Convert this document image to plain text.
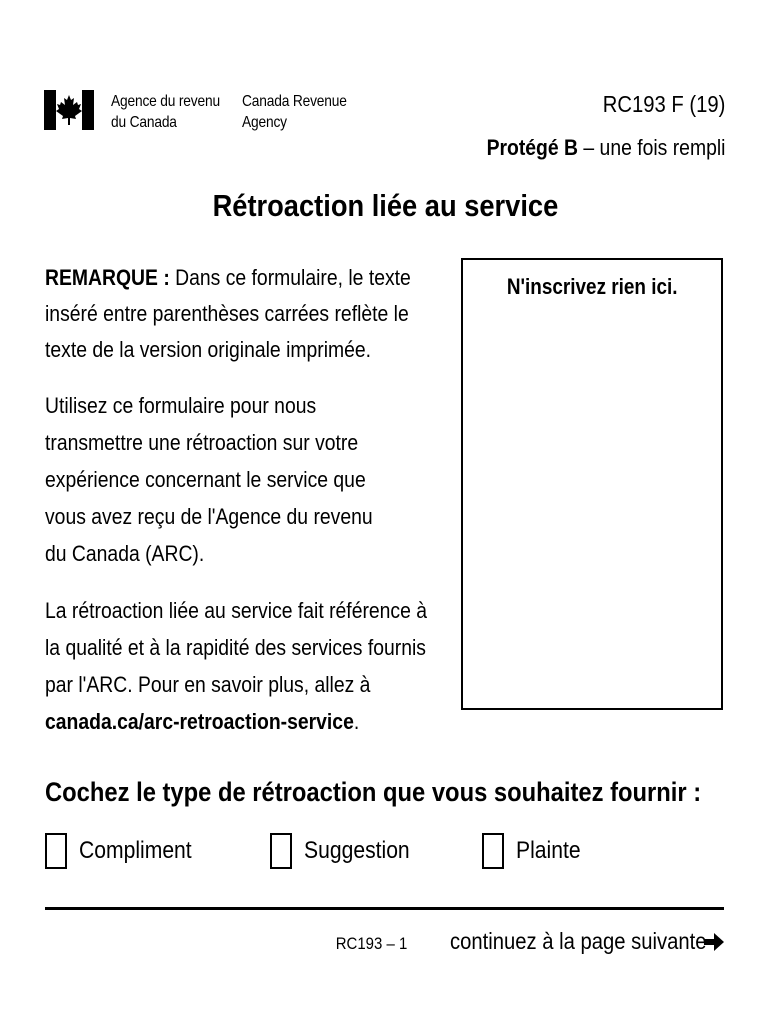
Agence du revenu
du Canada
Canada Revenue
Agency
RC193 F (19)
Protégé B – une fois rempli
Rétroaction liée au service
REMARQUE : Dans ce formulaire, le texte
inséré entre parenthèses carrées reflète le
texte de la version originale imprimée.
Utilisez ce formulaire pour nous
transmettre une rétroaction sur votre
expérience concernant le service que
vous avez reçu de l'Agence du revenu
du Canada (ARC).
La rétroaction liée au service fait référence à
la qualité et à la rapidité des services fournis
par l'ARC. Pour en savoir plus, allez à
canada.ca/arc-retroaction-service.
N'inscrivez rien ici.
Cochez le type de rétroaction que vous souhaitez fournir :
Compliment	Suggestion	Plainte
RC193 – 1 continuez à la page suivante
